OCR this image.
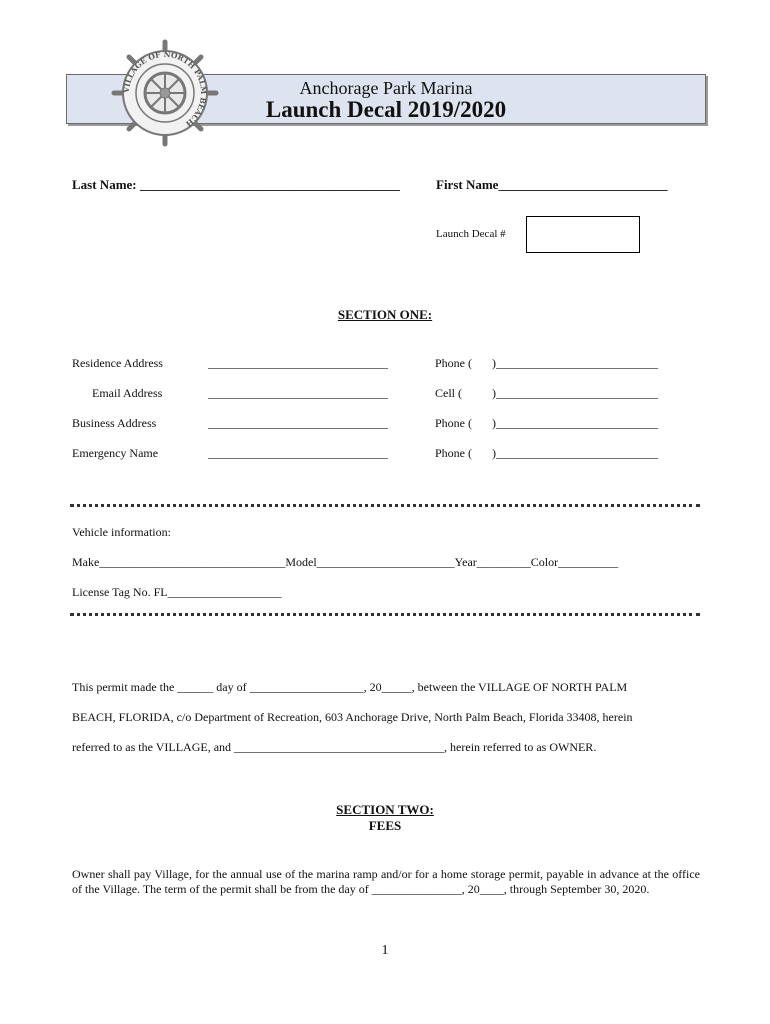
Anchorage Park Marina
Launch Decal 2019/2020
VILLAGE OF NORTH PALM BEACH
Last Name: ________________________________________	First Name__________________________
Launch Decal #
SECTION ONE:
Residence Address	______________________________	Phone ( )___________________________
Email Address	______________________________	Cell (	)___________________________
Business Address	______________________________	Phone ( )___________________________
Emergency Name	______________________________	Phone ( )___________________________
Vehicle information:
Make_______________________________Model_______________________Year_________Color__________
License Tag No. FL___________________
This permit made the ______ day of ___________________, 20_____, between the VILLAGE OF NORTH PALM
BEACH, FLORIDA, c/o Department of Recreation, 603 Anchorage Drive, North Palm Beach, Florida 33408, herein
referred to as the VILLAGE, and ___________________________________, herein referred to as OWNER.
SECTION TWO:
FEES
Owner shall pay Village, for the annual use of the marina ramp and/or for a home storage permit, payable in advance at the office of the Village. The term of the permit shall be from the day of _______________, 20____, through September 30, 2020.
1
